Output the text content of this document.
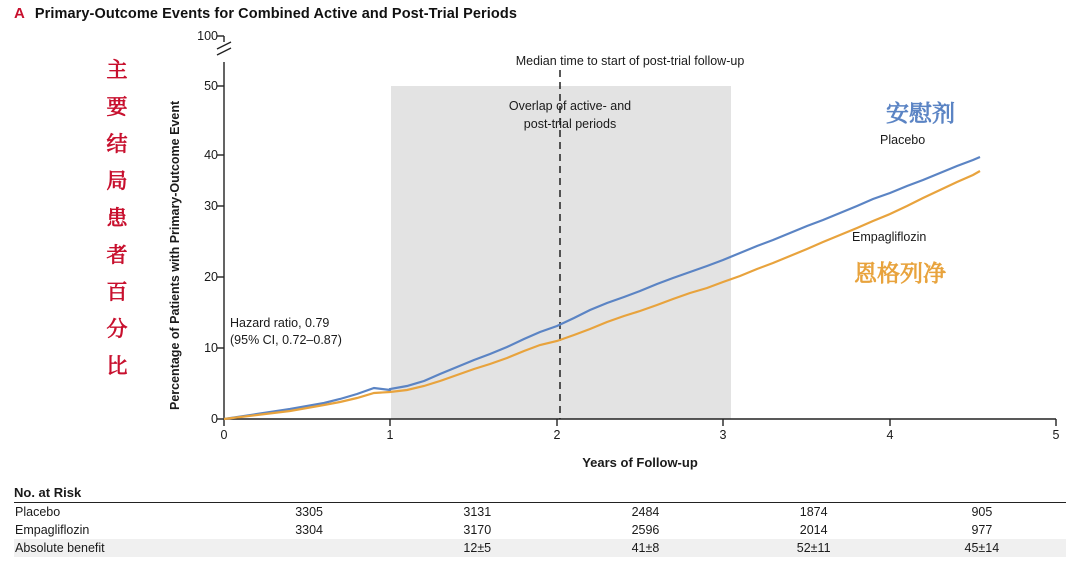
A Primary-Outcome Events for Combined Active and Post-Trial Periods
主
要
结
局
患
者
百
分
比
100
50
40
30
20
10
0
0	1	2	3	4	5
Percentage of Patients with Primary-Outcome Event
Years of Follow-up
Median time to start of post-trial follow-up
Overlap of active- and
post-trial periods
Hazard ratio, 0.79
(95% CI, 0.72–0.87)
Placebo
Empagliflozin
安慰剂
恩格列净
No. at Risk
Placebo	3305	3131	2484	1874	905
Empagliflozin	3304	3170	2596	2014	977
Absolute benefit		12±5	41±8	52±11	45±14
